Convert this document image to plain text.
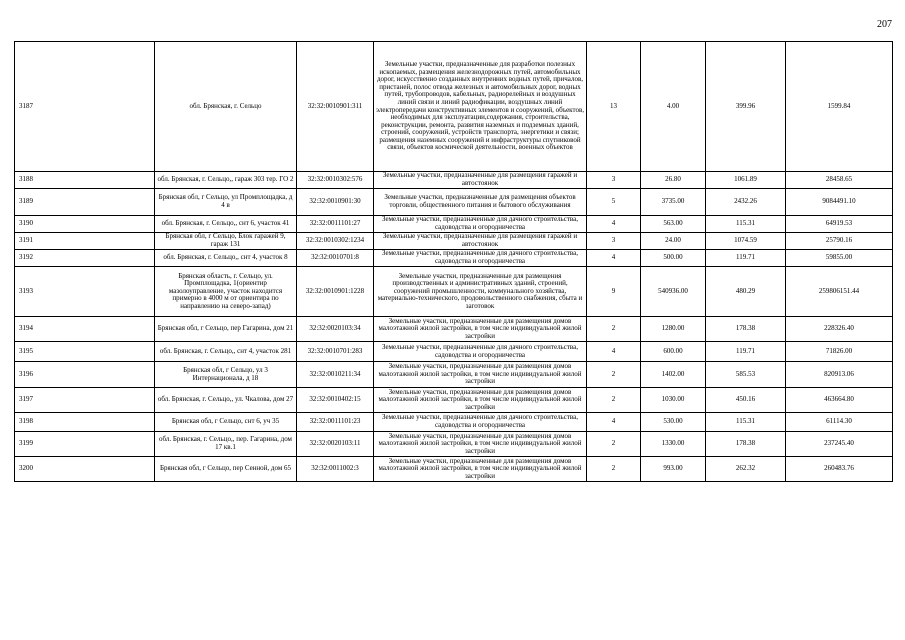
207
3187	обл. Брянская, г. Сельцо	32:32:0010901:311	Земельные участки, предназначенные для разработки полезных ископаемых, размещения железнодорожных путей, автомобильных дорог, искусственно созданных внутренних водных путей, причалов, пристаней, полос отвода железных и автомобильных дорог, водных путей, трубопроводов, кабельных, радиорелейных и воздушных линий связи и линий радиофикации, воздушных линий электропередачи конструктивных элементов и сооружений, объектов, необходимых для эксплуатации,содержания, строительства, реконструкции, ремонта, развития наземных и подземных зданий, строений, сооружений, устройств транспорта, энергетики и связи; размещения наземных сооружений и инфраструктуры спутниковой связи, объектов космической деятельности, военных объектов	13	4.00	399.96	1599.84
3188	обл. Брянская, г. Сельцо,, гараж 303 тер. ГО 2	32:32:0010302:576	Земельные участки, предназначенные для размещения гаражей и автостоянок	3	26.80	1061.89	28458.65
3189	Брянская обл, г Сельцо, ул Промплощадка, д 4 в	32:32:0010901:30	Земельные участки, предназначенные для размещения объектов торговли, общественного питания и бытового обслуживания	5	3735.00	2432.26	9084491.10
3190	обл. Брянская, г. Сельцо,, снт 6, участок 41	32:32:0011101:27	Земельные участки, предназначенные для дачного строительства, садоводства и огородничества	4	563.00	115.31	64919.53
3191	Брянская обл, г Сельцо, Блок гаражей 9, гараж 131	32:32:0010302:1234	Земельные участки, предназначенные для размещения гаражей и автостоянок	3	24.00	1074.59	25790.16
3192	обл. Брянская, г. Сельцо,, снт 4, участок 8	32:32:0010701:8	Земельные участки, предназначенные для дачного строительства, садоводства и огородничества	4	500.00	119.71	59855.00
3193	Брянская область, г. Сельцо, ул. Промплощадка, 1(ориентир мазолоуправление, участок находится примерно в 4000 м от ориентира по направлению на северо-запад)	32:32:0010901:1228	Земельные участки, предназначенные для размещения производственных и административных зданий, строений, сооружений промышленности, коммунального хозяйства, материально-технического, продовольственного снабжения, сбыта и заготовок	9	540936.00	480.29	259806151.44
3194	Брянская обл, г Сельцо, пер Гагарина, дом 21	32:32:0020103:34	Земельные участки, предназначенные для размещения домов малоэтажной жилой застройки, в том числе индивидуальной жилой застройки	2	1280.00	178.38	228326.40
3195	обл. Брянская, г. Сельцо,, снт 4, участок 281	32:32:0010701:283	Земельные участки, предназначенные для дачного строительства, садоводства и огородничества	4	600.00	119.71	71826.00
3196	Брянская обл, г Сельцо, ул 3 Интернационала, д 18	32:32:0010211:34	Земельные участки, предназначенные для размещения домов малоэтажной жилой застройки, в том числе индивидуальной жилой застройки	2	1402.00	585.53	820913.06
3197	обл. Брянская, г. Сельцо,, ул. Чкалова, дом 27	32:32:0010402:15	Земельные участки, предназначенные для размещения домов малоэтажной жилой застройки, в том числе индивидуальной жилой застройки	2	1030.00	450.16	463664.80
3198	Брянская обл, г Сельцо, снт 6, уч 35	32:32:0011101:23	Земельные участки, предназначенные для дачного строительства, садоводства и огородничества	4	530.00	115.31	61114.30
3199	обл. Брянская, г. Сельцо,, пер. Гагарина, дом 17 кв.1	32:32:0020103:11	Земельные участки, предназначенные для размещения домов малоэтажной жилой застройки, в том числе индивидуальной жилой застройки	2	1330.00	178.38	237245.40
3200	Брянская обл, г Сельцо, пер Сенной, дом 65	32:32:0011002:3	Земельные участки, предназначенные для размещения домов малоэтажной жилой застройки, в том числе индивидуальной жилой застройки	2	993.00	262.32	260483.76
